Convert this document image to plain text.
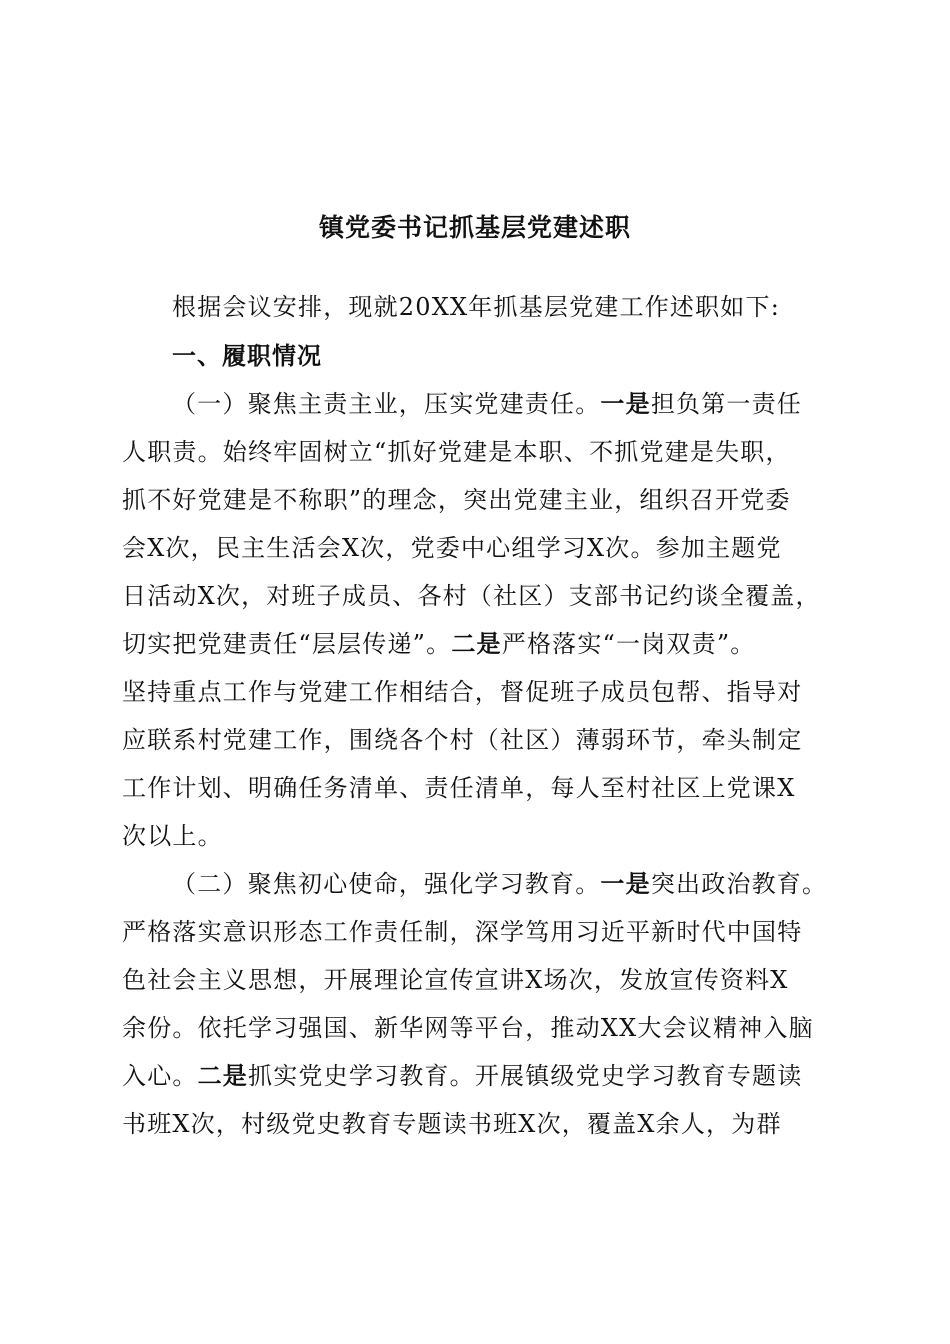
镇党委书记抓基层党建述职
根据会议安排，现就20XX年抓基层党建工作述职如下:
一、履职情况
（一）聚焦主责主业，压实党建责任。一是担负第一责任
人职责。始终牢固树立“抓好党建是本职、不抓党建是失职，
抓不好党建是不称职”的理念，突出党建主业，组织召开党委
会X次，民主生活会X次，党委中心组学习X次。参加主题党
日活动X次，对班子成员、各村（社区）支部书记约谈全覆盖，
切实把党建责任“层层传递”。二是严格落实“一岗双责”。
坚持重点工作与党建工作相结合，督促班子成员包帮、指导对
应联系村党建工作，围绕各个村（社区）薄弱环节，牵头制定
工作计划、明确任务清单、责任清单，每人至村社区上党课X
次以上。
（二）聚焦初心使命，强化学习教育。一是突出政治教育。
严格落实意识形态工作责任制，深学笃用习近平新时代中国特
色社会主义思想，开展理论宣传宣讲X场次，发放宣传资料X
余份。依托学习强国、新华网等平台，推动XX大会议精神入脑
入心。二是抓实党史学习教育。开展镇级党史学习教育专题读
书班X次，村级党史教育专题读书班X次，覆盖X余人，为群
